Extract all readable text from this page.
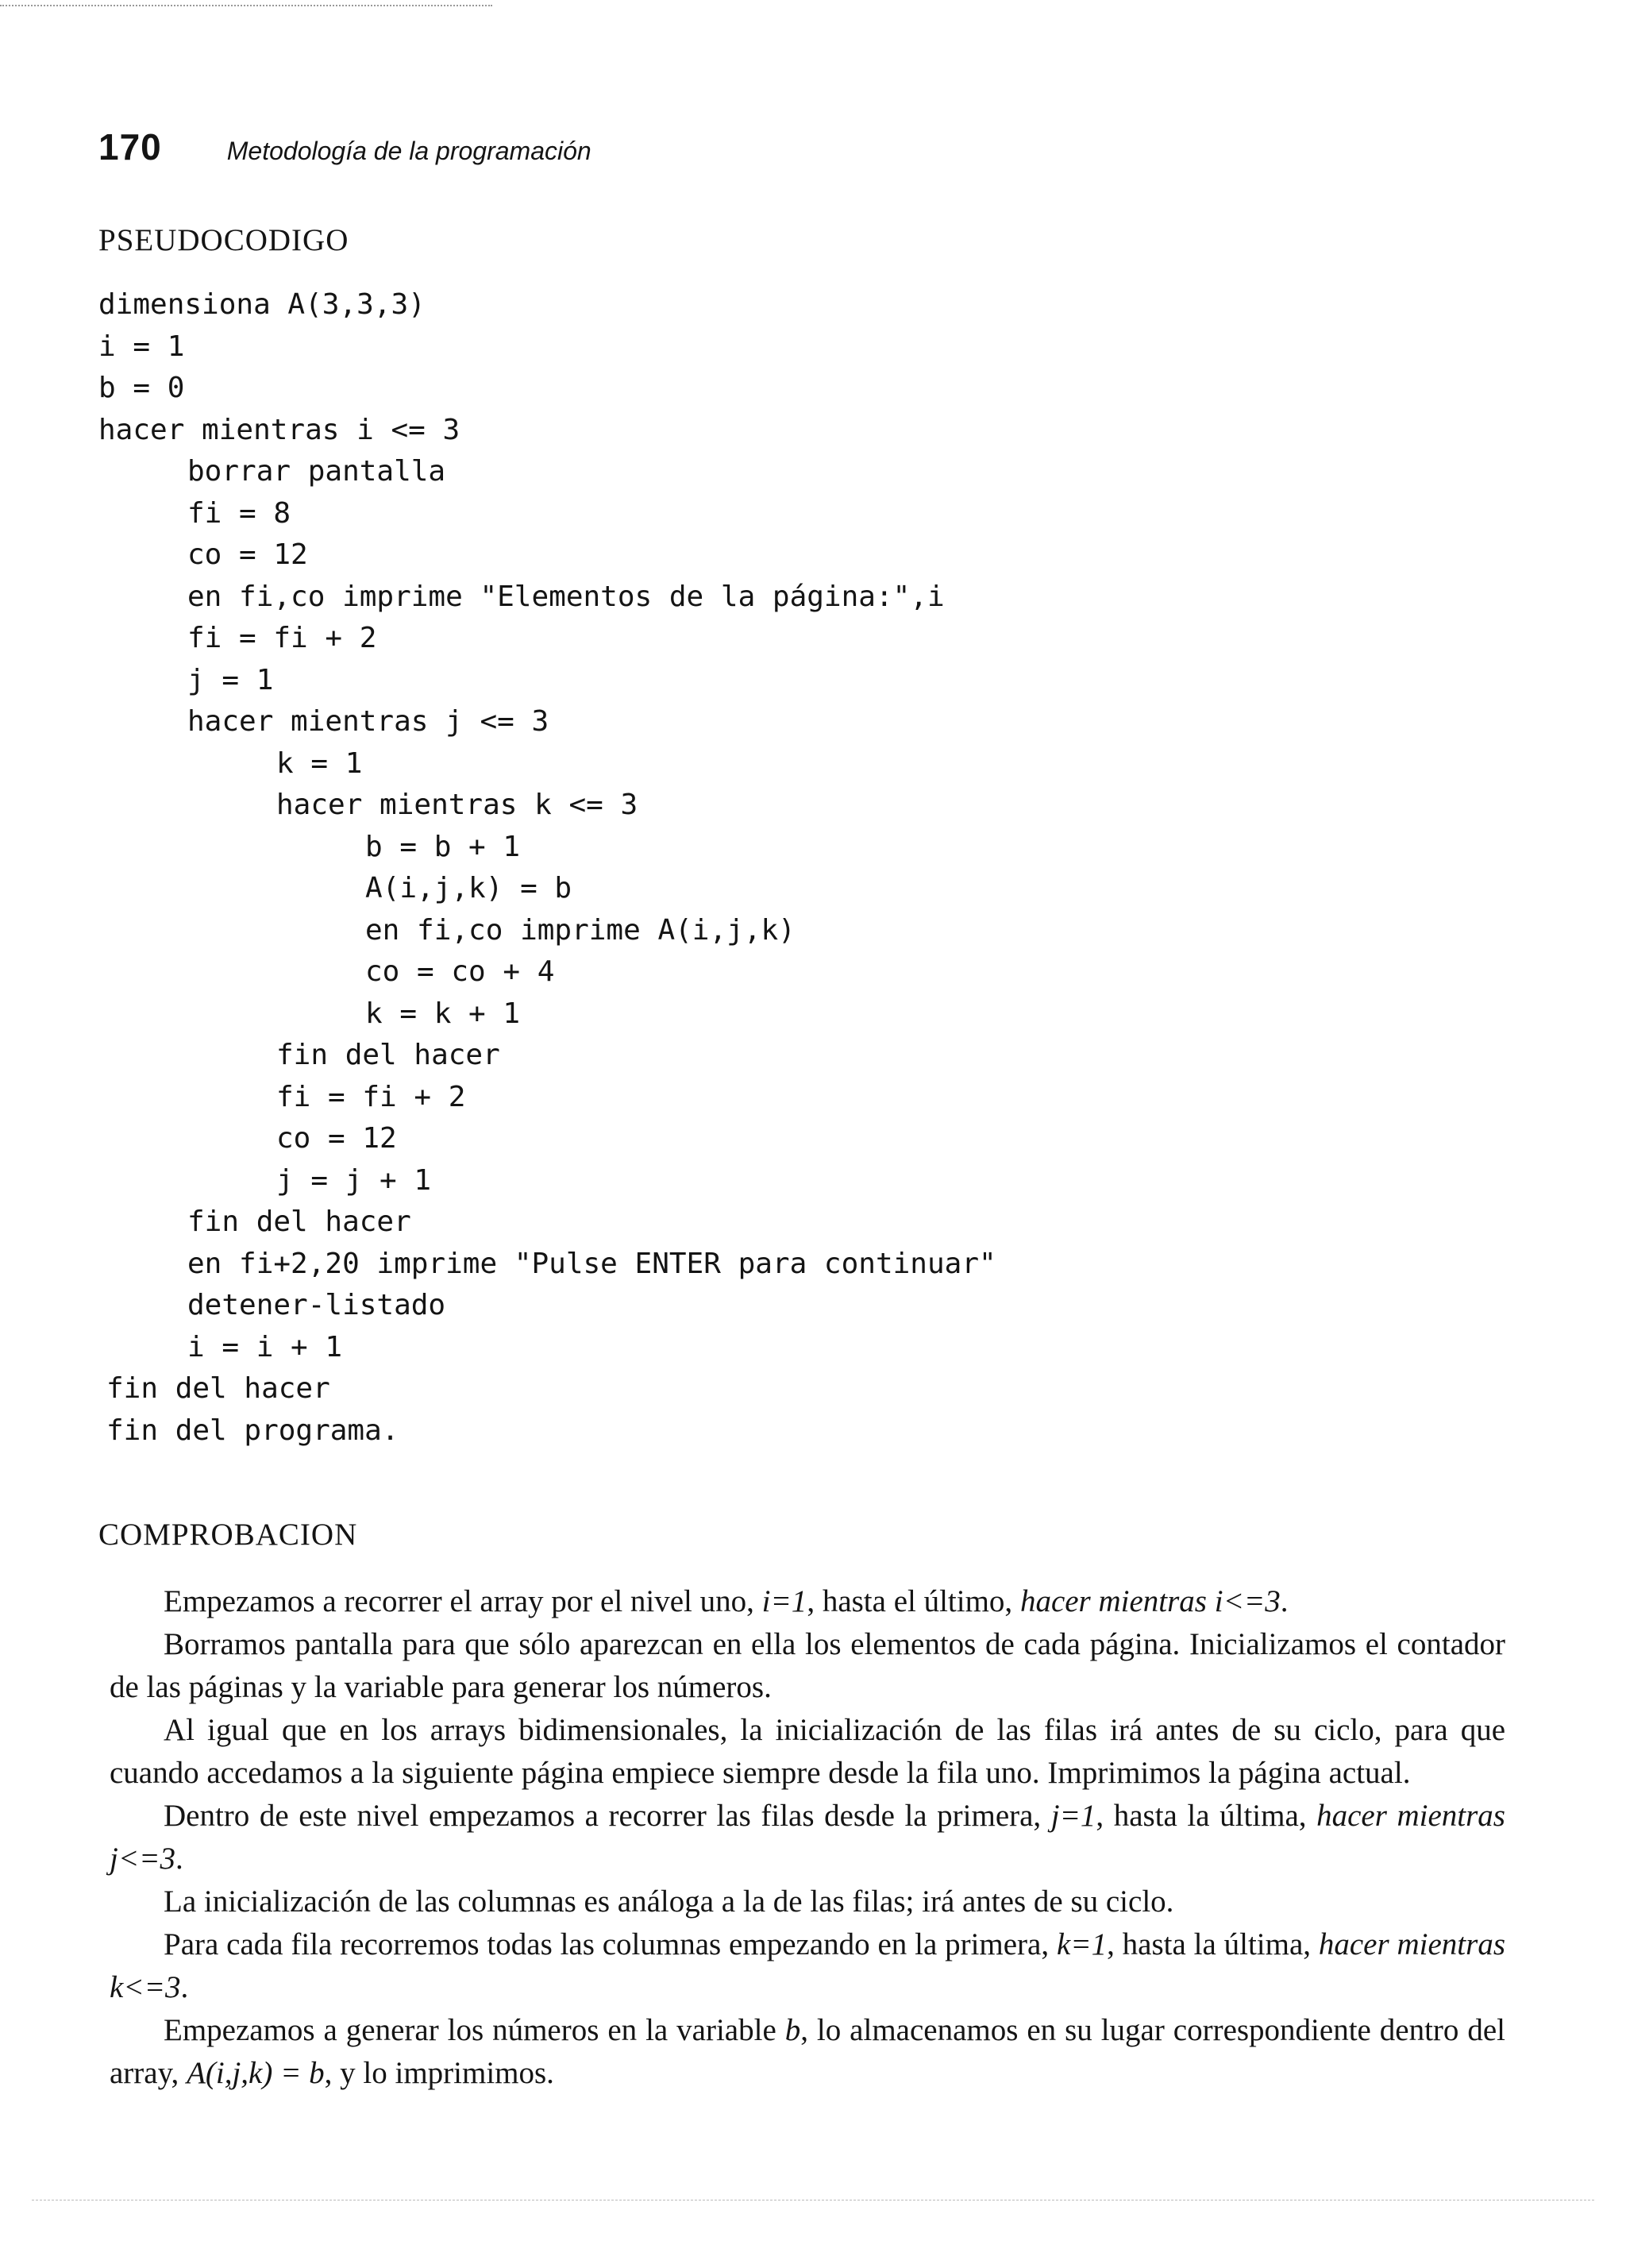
170	Metodología de la programación
PSEUDOCODIGO
dimensiona A(3,3,3)
i = 1
b = 0
hacer mientras i <= 3
borrar pantalla
fi = 8
co = 12
en fi,co imprime "Elementos de la página:",i
fi = fi + 2
j = 1
hacer mientras j <= 3
k = 1
hacer mientras k <= 3
b = b + 1
A(i,j,k) = b
en fi,co imprime A(i,j,k)
co = co + 4
k = k + 1
fin del hacer
fi = fi + 2
co = 12
j = j + 1
fin del hacer
en fi+2,20 imprime "Pulse ENTER para continuar"
detener-listado
i = i + 1
fin del hacer
fin del programa.
COMPROBACION

Empezamos a recorrer el array por el nivel uno, i=1, hasta el último, hacer mientras i<=3.

Borramos pantalla para que sólo aparezcan en ella los elementos de cada página. Inicializamos el contador de las páginas y la variable para generar los números.

Al igual que en los arrays bidimensionales, la inicialización de las filas irá antes de su ciclo, para que cuando accedamos a la siguiente página empiece siempre desde la fila uno. Imprimimos la página actual.

Dentro de este nivel empezamos a recorrer las filas desde la primera, j=1, hasta la última, hacer mientras j<=3.

La inicialización de las columnas es análoga a la de las filas; irá antes de su ciclo.

Para cada fila recorremos todas las columnas empezando en la primera, k=1, hasta la última, hacer mientras k<=3.

Empezamos a generar los números en la variable b, lo almacenamos en su lugar correspondiente dentro del array, A(i,j,k) = b, y lo imprimimos.
